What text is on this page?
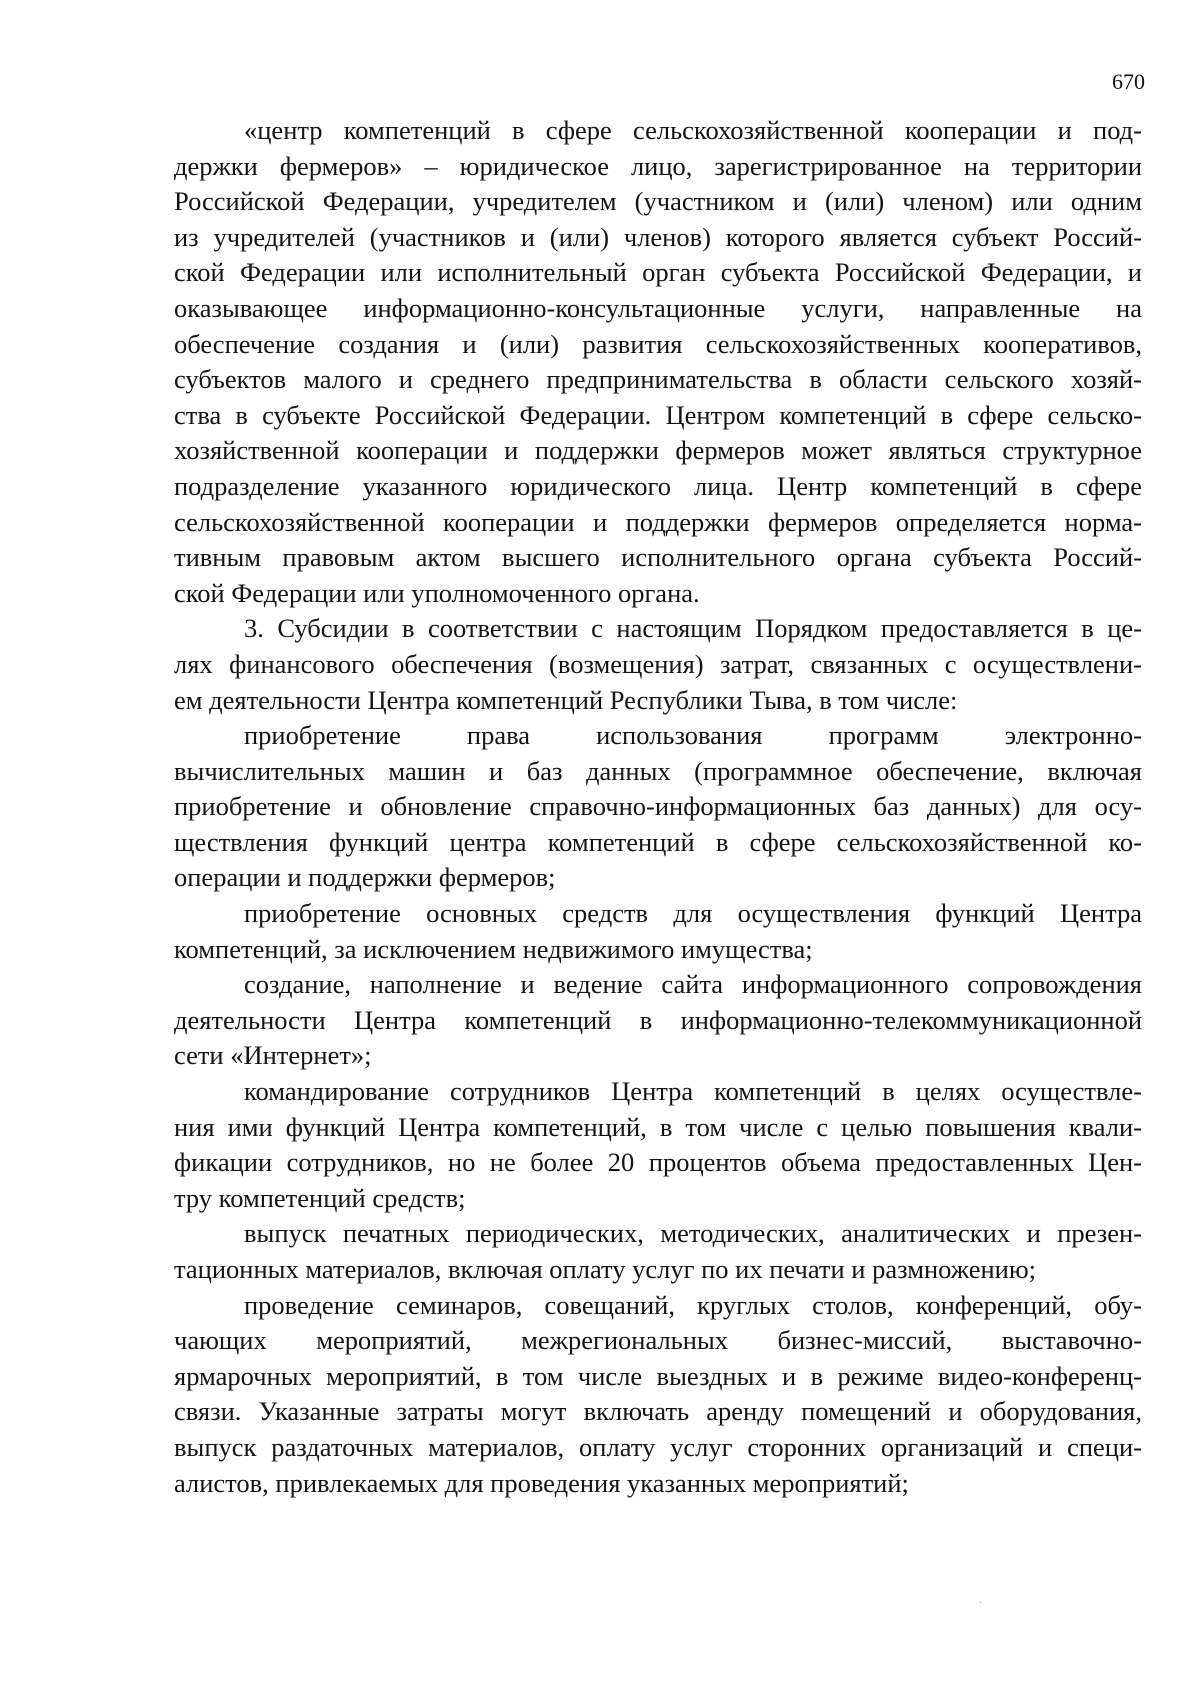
670
«центр компетенций в сфере сельскохозяйственной кооперации и под-
держки фермеров» – юридическое лицо, зарегистрированное на территории
Российской Федерации, учредителем (участником и (или) членом) или одним
из учредителей (участников и (или) членов) которого является субъект Россий-
ской Федерации или исполнительный орган субъекта Российской Федерации, и
оказывающее информационно-консультационные услуги, направленные на
обеспечение создания и (или) развития сельскохозяйственных кооперативов,
субъектов малого и среднего предпринимательства в области сельского хозяй-
ства в субъекте Российской Федерации. Центром компетенций в сфере сельско-
хозяйственной кооперации и поддержки фермеров может являться структурное
подразделение указанного юридического лица. Центр компетенций в сфере
сельскохозяйственной кооперации и поддержки фермеров определяется норма-
тивным правовым актом высшего исполнительного органа субъекта Россий-
ской Федерации или уполномоченного органа.
3. Субсидии в соответствии с настоящим Порядком предоставляется в це-
лях финансового обеспечения (возмещения) затрат, связанных с осуществлени-
ем деятельности Центра компетенций Республики Тыва, в том числе:
приобретение права использования программ электронно-
вычислительных машин и баз данных (программное обеспечение, включая
приобретение и обновление справочно-информационных баз данных) для осу-
ществления функций центра компетенций в сфере сельскохозяйственной ко-
операции и поддержки фермеров;
приобретение основных средств для осуществления функций Центра
компетенций, за исключением недвижимого имущества;
создание, наполнение и ведение сайта информационного сопровождения
деятельности Центра компетенций в информационно-телекоммуникационной
сети «Интернет»;
командирование сотрудников Центра компетенций в целях осуществле-
ния ими функций Центра компетенций, в том числе с целью повышения квали-
фикации сотрудников, но не более 20 процентов объема предоставленных Цен-
тру компетенций средств;
выпуск печатных периодических, методических, аналитических и презен-
тационных материалов, включая оплату услуг по их печати и размножению;
проведение семинаров, совещаний, круглых столов, конференций, обу-
чающих мероприятий, межрегиональных бизнес-миссий, выставочно-
ярмарочных мероприятий, в том числе выездных и в режиме видео-конференц-
связи. Указанные затраты могут включать аренду помещений и оборудования,
выпуск раздаточных материалов, оплату услуг сторонних организаций и специ-
алистов, привлекаемых для проведения указанных мероприятий;
